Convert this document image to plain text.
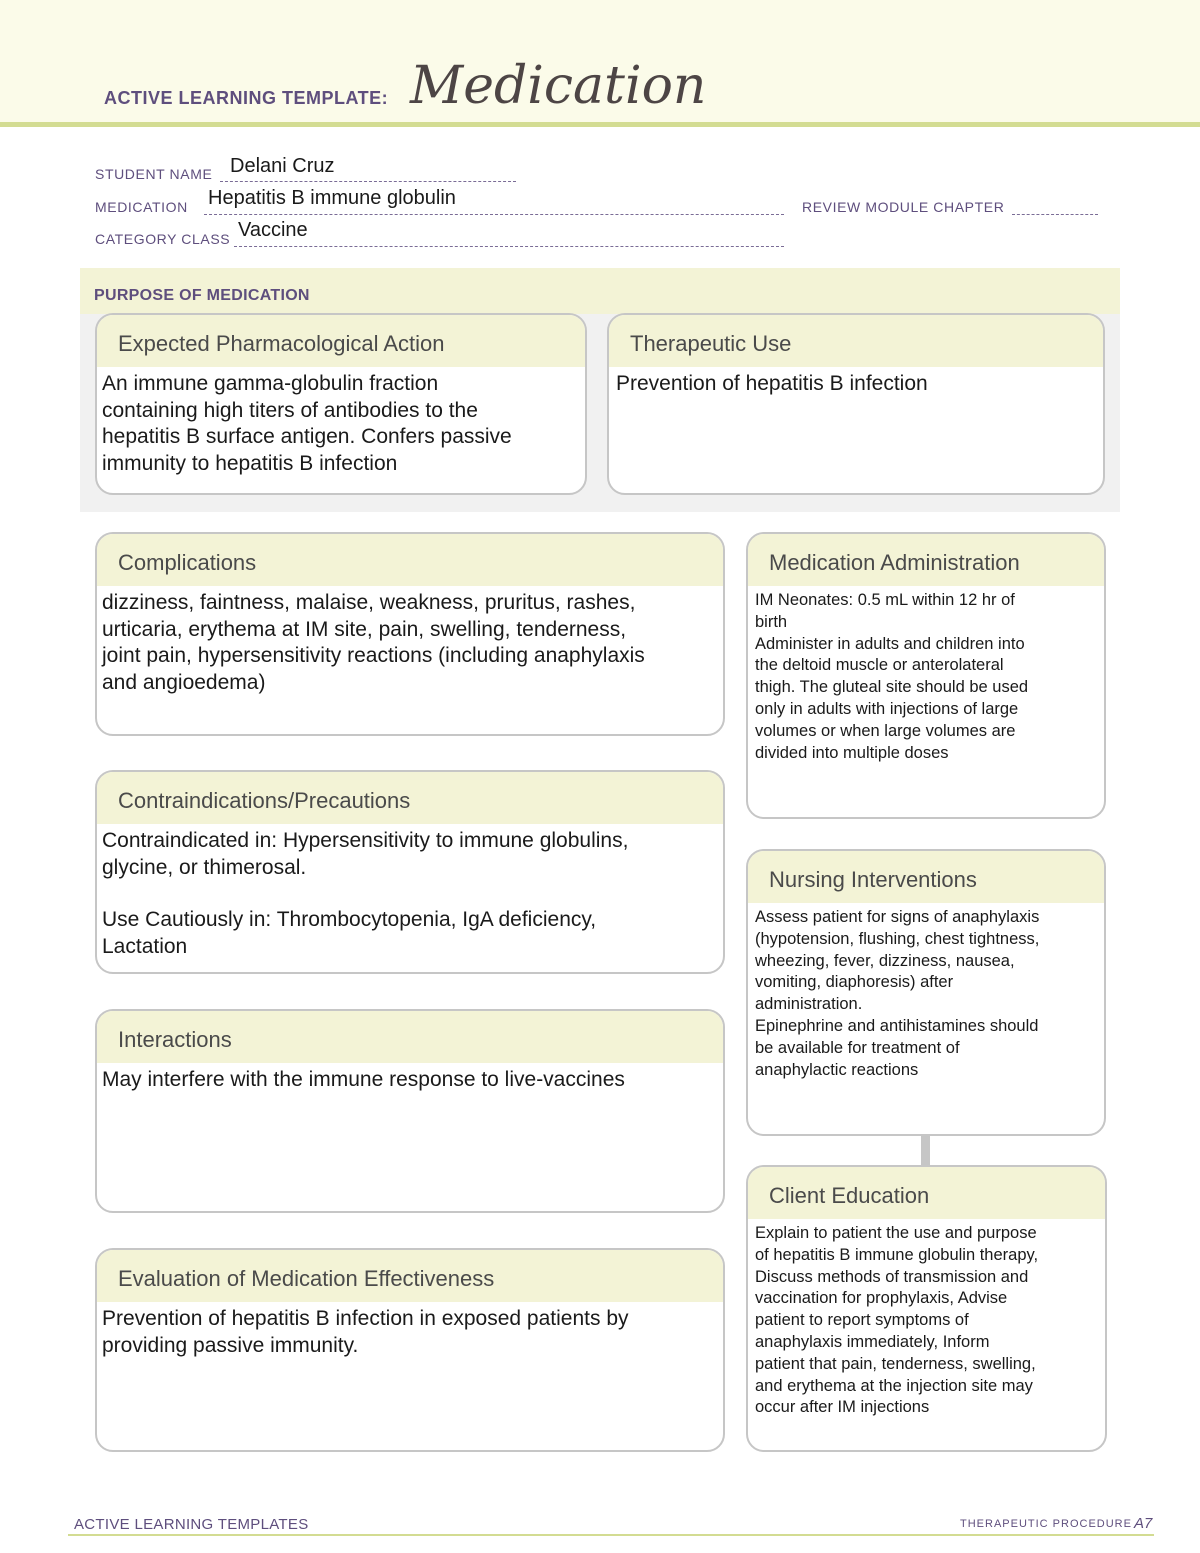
ACTIVE LEARNING TEMPLATE: Medication
STUDENT NAME Delani Cruz
MEDICATION Hepatitis B immune globulin	REVIEW MODULE CHAPTER
CATEGORY CLASS Vaccine
PURPOSE OF MEDICATION
Expected Pharmacological Action
An immune gamma-globulin fraction
containing high titers of antibodies to the
hepatitis B surface antigen. Confers passive
immunity to hepatitis B infection
Therapeutic Use
Prevention of hepatitis B infection
Complications
dizziness, faintness, malaise, weakness, pruritus, rashes,
urticaria, erythema at IM site, pain, swelling, tenderness,
joint pain, hypersensitivity reactions (including anaphylaxis
and angioedema)
Contraindications/Precautions
Contraindicated in: Hypersensitivity to immune globulins,
glycine, or thimerosal.
Use Cautiously in: Thrombocytopenia, IgA deficiency,
Lactation
Interactions
May interfere with the immune response to live-vaccines
Evaluation of Medication Effectiveness
Prevention of hepatitis B infection in exposed patients by
providing passive immunity.
Medication Administration
IM Neonates: 0.5 mL within 12 hr of
birth
Administer in adults and children into
the deltoid muscle or anterolateral
thigh. The gluteal site should be used
only in adults with injections of large
volumes or when large volumes are
divided into multiple doses
Nursing Interventions
Assess patient for signs of anaphylaxis
(hypotension, flushing, chest tightness,
wheezing, fever, dizziness, nausea,
vomiting, diaphoresis) after
administration.
Epinephrine and antihistamines should
be available for treatment of
anaphylactic reactions
Client Education
Explain to patient the use and purpose
of hepatitis B immune globulin therapy,
Discuss methods of transmission and
vaccination for prophylaxis, Advise
patient to report symptoms of
anaphylaxis immediately, Inform
patient that pain, tenderness, swelling,
and erythema at the injection site may
occur after IM injections
ACTIVE LEARNING TEMPLATES	THERAPEUTIC PROCEDURE A7
